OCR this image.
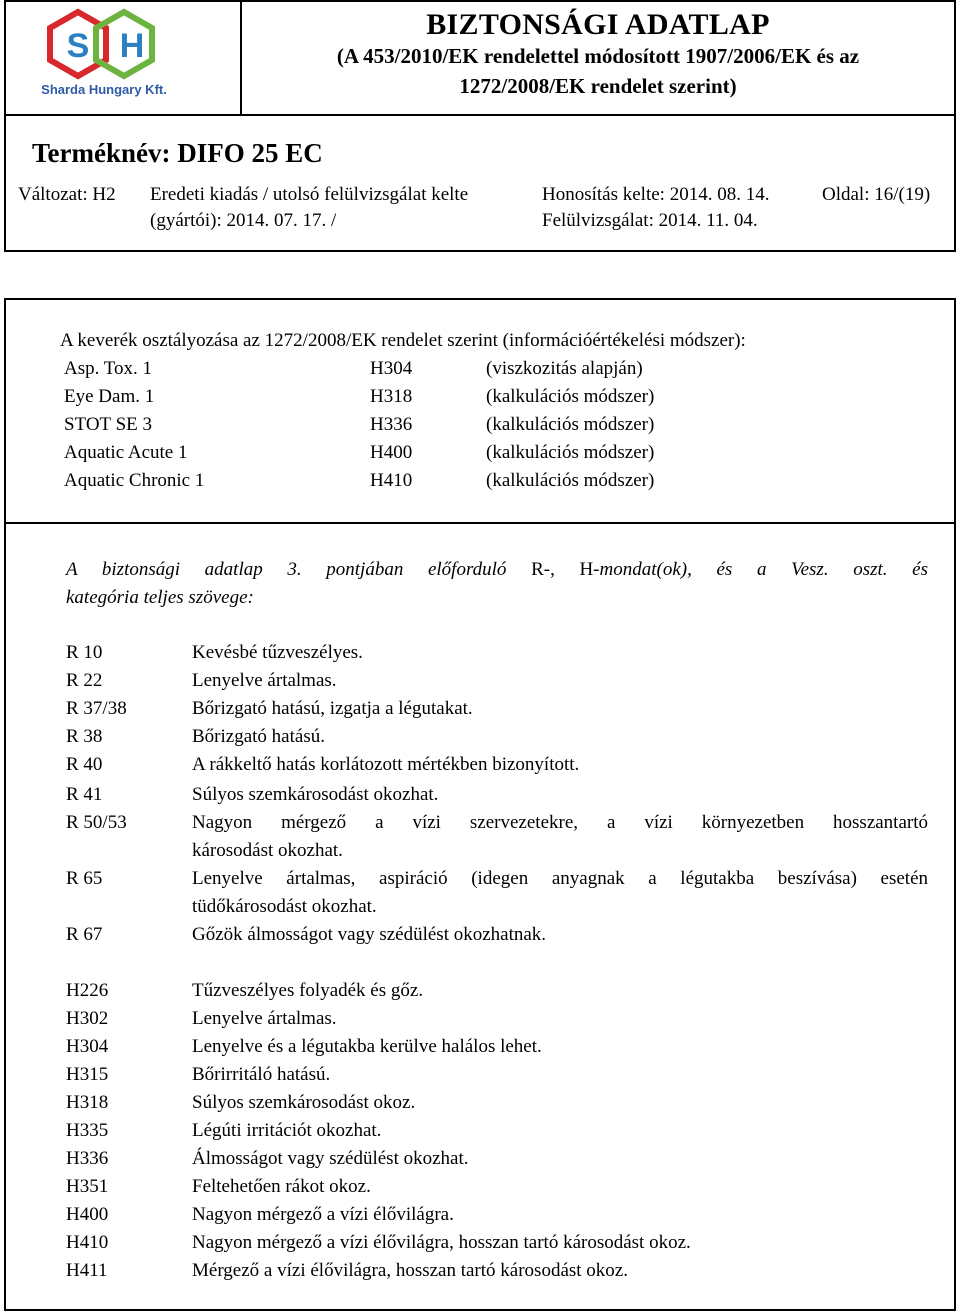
S H
Sharda Hungary Kft.
BIZTONSÁGI ADATLAP
(A 453/2010/EK rendelettel módosított 1907/2006/EK és az
1272/2008/EK rendelet szerint)
Terméknév: DIFO 25 EC
Változat: H2 Eredeti kiadás / utolsó felülvizsgálat kelte
(gyártói): 2014. 07. 17. /
Honosítás kelte: 2014. 08. 14.
Felülvizsgálat: 2014. 11. 04.
Oldal: 16/(19)
A keverék osztályozása az 1272/2008/EK rendelet szerint (információértékelési módszer):
Asp. Tox. 1	H304	(viszkozitás alapján)
Eye Dam. 1	H318	(kalkulációs módszer)
STOT SE 3	H336	(kalkulációs módszer)
Aquatic Acute 1	H400	(kalkulációs módszer)
Aquatic Chronic 1	H410	(kalkulációs módszer)
A biztonsági adatlap 3. pontjában előforduló R-, H-mondat(ok), és a Vesz. oszt. és
kategória teljes szövege:
R 10	Kevésbé tűzveszélyes.
R 22	Lenyelve ártalmas.
R 37/38	Bőrizgató hatású, izgatja a légutakat.
R 38	Bőrizgató hatású.
R 40	A rákkeltő hatás korlátozott mértékben bizonyított.
R 41	Súlyos szemkárosodást okozhat.
R 50/53	Nagyon mérgező a vízi szervezetekre, a vízi környezetben hosszantartó
károsodást okozhat.
R 65	Lenyelve ártalmas, aspiráció (idegen anyagnak a légutakba beszívása) esetén
tüdőkárosodást okozhat.
R 67	Gőzök álmosságot vagy szédülést okozhatnak.
H226	Tűzveszélyes folyadék és gőz.
H302	Lenyelve ártalmas.
H304	Lenyelve és a légutakba kerülve halálos lehet.
H315	Bőrirritáló hatású.
H318	Súlyos szemkárosodást okoz.
H335	Légúti irritációt okozhat.
H336	Álmosságot vagy szédülést okozhat.
H351	Feltehetően rákot okoz.
H400	Nagyon mérgező a vízi élővilágra.
H410	Nagyon mérgező a vízi élővilágra, hosszan tartó károsodást okoz.
H411	Mérgező a vízi élővilágra, hosszan tartó károsodást okoz.
